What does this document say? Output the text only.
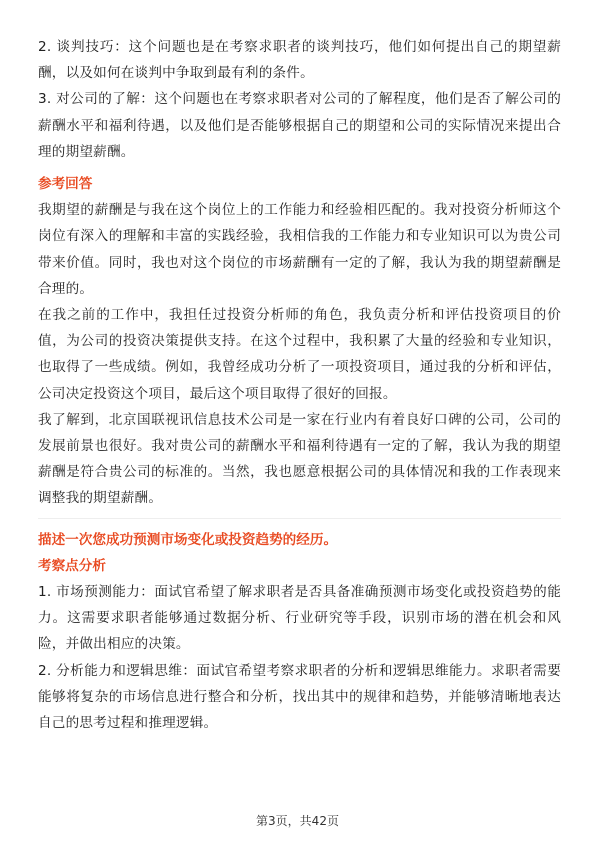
2. 谈判技巧：这个问题也是在考察求职者的谈判技巧，他们如何提出自己的期望薪酬，以及如何在谈判中争取到最有利的条件。

3. 对公司的了解：这个问题也在考察求职者对公司的了解程度，他们是否了解公司的薪酬水平和福利待遇，以及他们是否能够根据自己的期望和公司的实际情况来提出合理的期望薪酬。

参考回答

我期望的薪酬是与我在这个岗位上的工作能力和经验相匹配的。我对投资分析师这个岗位有深入的理解和丰富的实践经验，我相信我的工作能力和专业知识可以为贵公司带来价值。同时，我也对这个岗位的市场薪酬有一定的了解，我认为我的期望薪酬是合理的。

在我之前的工作中，我担任过投资分析师的角色，我负责分析和评估投资项目的价值，为公司的投资决策提供支持。在这个过程中，我积累了大量的经验和专业知识，也取得了一些成绩。例如，我曾经成功分析了一项投资项目，通过我的分析和评估，公司决定投资这个项目，最后这个项目取得了很好的回报。

我了解到，北京国联视讯信息技术公司是一家在行业内有着良好口碑的公司，公司的发展前景也很好。我对贵公司的薪酬水平和福利待遇有一定的了解，我认为我的期望薪酬是符合贵公司的标准的。当然，我也愿意根据公司的具体情况和我的工作表现来调整我的期望薪酬。

描述一次您成功预测市场变化或投资趋势的经历。

考察点分析

1. 市场预测能力：面试官希望了解求职者是否具备准确预测市场变化或投资趋势的能力。这需要求职者能够通过数据分析、行业研究等手段，识别市场的潜在机会和风险，并做出相应的决策。

2. 分析能力和逻辑思维：面试官希望考察求职者的分析和逻辑思维能力。求职者需要能够将复杂的市场信息进行整合和分析，找出其中的规律和趋势，并能够清晰地表达自己的思考过程和推理逻辑。

第3页，共42页
